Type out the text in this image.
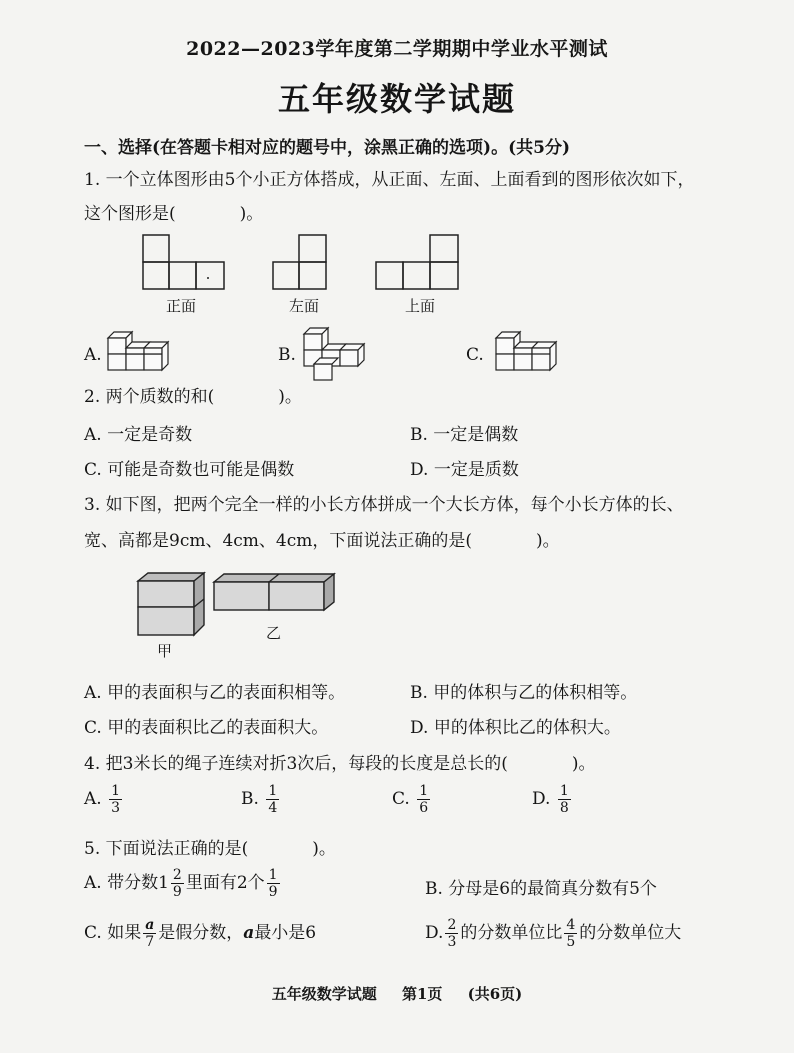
2022—2023学年度第二学期期中学业水平测试
五年级数学试题
一、选择(在答题卡相对应的题号中，涂黑正确的选项)。(共5分)
1. 一个立体图形由5个小正方体搭成，从正面、左面、上面看到的图形依次如下，
这个图形是(	)。
正面	左面	上面
A.	B.	C.
2. 两个质数的和(	)。
A. 一定是奇数	B. 一定是偶数
C. 可能是奇数也可能是偶数	D. 一定是质数
3. 如下图，把两个完全一样的小长方体拼成一个大长方体，每个小长方体的长、
宽、高都是9cm、4cm、4cm，下面说法正确的是(	)。
甲
乙
A. 甲的表面积与乙的表面积相等。	B. 甲的体积与乙的体积相等。
C. 甲的表面积比乙的表面积大。	D. 甲的体积比乙的体积大。
4. 把3米长的绳子连续对折3次后，每段的长度是总长的(	)。
A. $\frac{1}{3}$	B. $\frac{1}{4}$	C. $\frac{1}{6}$	D. $\frac{1}{8}$
5. 下面说法正确的是(	)。
A. 带分数$1 \frac{2}{9}$ 里面有2个 $\frac{1}{9}$	B. 分母是6的最简真分数有5个
C. 如果 $\frac{a}{7}$ 是假分数，a最小是6	D. $\frac{2}{3}$ 的分数单位比 $\frac{4}{5}$ 的分数单位大
五年级数学试题 第1页 (共6页)
